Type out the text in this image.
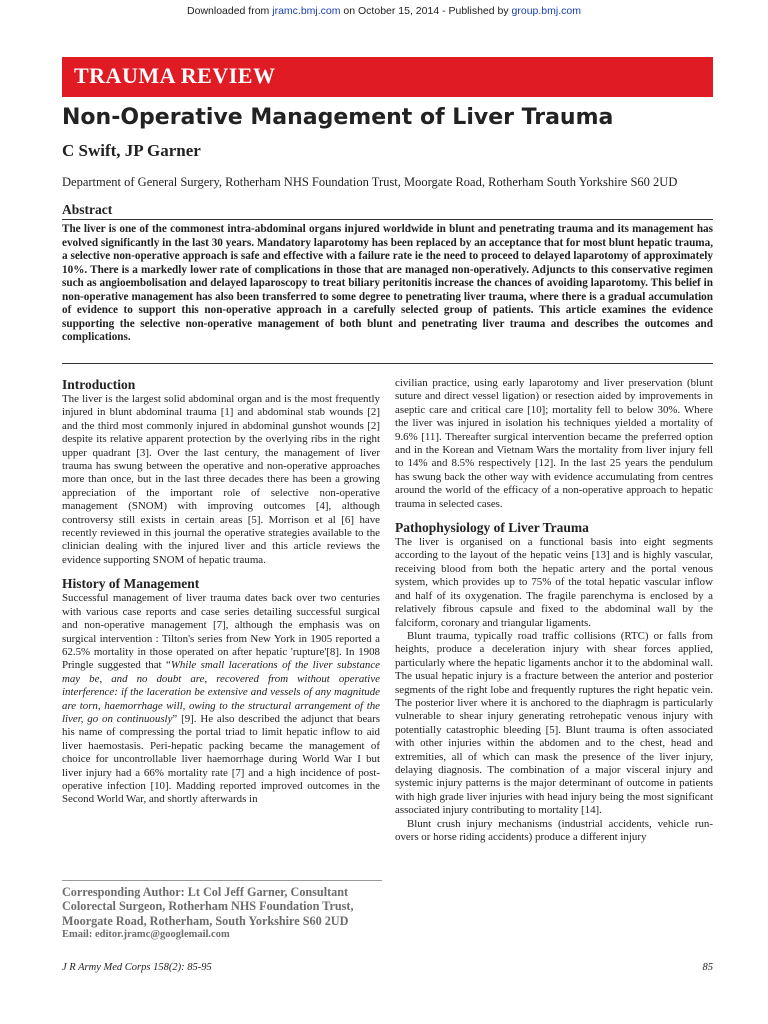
Downloaded from jramc.bmj.com on October 15, 2014 - Published by group.bmj.com
TRAUMA REVIEW
Non-Operative Management of Liver Trauma
C Swift, JP Garner
Department of General Surgery, Rotherham NHS Foundation Trust, Moorgate Road, Rotherham South Yorkshire S60 2UD
Abstract

The liver is one of the commonest intra-abdominal organs injured worldwide in blunt and penetrating trauma and its management has evolved significantly in the last 30 years. Mandatory laparotomy has been replaced by an acceptance that for most blunt hepatic trauma, a selective non-operative approach is safe and effective with a failure rate ie the need to proceed to delayed laparotomy of approximately 10%. There is a markedly lower rate of complications in those that are managed non-operatively. Adjuncts to this conservative regimen such as angioembolisation and delayed laparoscopy to treat biliary peritonitis increase the chances of avoiding laparotomy. This belief in non-operative management has also been transferred to some degree to penetrating liver trauma, where there is a gradual accumulation of evidence to support this non-operative approach in a carefully selected group of patients. This article examines the evidence supporting the selective non-operative management of both blunt and penetrating liver trauma and describes the outcomes and complications.

Introduction

The liver is the largest solid abdominal organ and is the most frequently injured in blunt abdominal trauma [1] and abdominal stab wounds [2] and the third most commonly injured in abdominal gunshot wounds [2] despite its relative apparent protection by the overlying ribs in the right upper quadrant [3]. Over the last century, the management of liver trauma has swung between the operative and non-operative approaches more than once, but in the last three decades there has been a growing appreciation of the important role of selective non-operative management (SNOM) with improving outcomes [4], although controversy still exists in certain areas [5]. Morrison et al [6] have recently reviewed in this journal the operative strategies available to the clinician dealing with the injured liver and this article reviews the evidence supporting SNOM of hepatic trauma.

History of Management

Successful management of liver trauma dates back over two centuries with various case reports and case series detailing successful surgical and non-operative management [7], although the emphasis was on surgical intervention : Tilton's series from New York in 1905 reported a 62.5% mortality in those operated on after hepatic 'rupture'[8]. In 1908 Pringle suggested that “While small lacerations of the liver substance may be, and no doubt are, recovered from without operative interference: if the laceration be extensive and vessels of any magnitude are torn, haemorrhage will, owing to the structural arrangement of the liver, go on continuously” [9]. He also described the adjunct that bears his name of compressing the portal triad to limit hepatic inflow to aid liver haemostasis. Peri-hepatic packing became the management of choice for uncontrollable liver haemorrhage during World War I but liver injury had a 66% mortality rate [7] and a high incidence of post-operative infection [10]. Madding reported improved outcomes in the Second World War, and shortly afterwards in

Corresponding Author: Lt Col Jeff Garner, Consultant Colorectal Surgeon, Rotherham NHS Foundation Trust, Moorgate Road, Rotherham, South Yorkshire S60 2UD
Email: editor.jramc@googlemail.com

civilian practice, using early laparotomy and liver preservation (blunt suture and direct vessel ligation) or resection aided by improvements in aseptic care and critical care [10]; mortality fell to below 30%. Where the liver was injured in isolation his techniques yielded a mortality of 9.6% [11]. Thereafter surgical intervention became the preferred option and in the Korean and Vietnam Wars the mortality from liver injury fell to 14% and 8.5% respectively [12]. In the last 25 years the pendulum has swung back the other way with evidence accumulating from centres around the world of the efficacy of a non-operative approach to hepatic trauma in selected cases.

Pathophysiology of Liver Trauma

The liver is organised on a functional basis into eight segments according to the layout of the hepatic veins [13] and is highly vascular, receiving blood from both the hepatic artery and the portal venous system, which provides up to 75% of the total hepatic vascular inflow and half of its oxygenation. The fragile parenchyma is enclosed by a relatively fibrous capsule and fixed to the abdominal wall by the falciform, coronary and triangular ligaments.

Blunt trauma, typically road traffic collisions (RTC) or falls from heights, produce a deceleration injury with shear forces applied, particularly where the hepatic ligaments anchor it to the abdominal wall. The usual hepatic injury is a fracture between the anterior and posterior segments of the right lobe and frequently ruptures the right hepatic vein. The posterior liver where it is anchored to the diaphragm is particularly vulnerable to shear injury generating retrohepatic venous injury with potentially catastrophic bleeding [5]. Blunt trauma is often associated with other injuries within the abdomen and to the chest, head and extremities, all of which can mask the presence of the liver injury, delaying diagnosis. The combination of a major visceral injury and systemic injury patterns is the major determinant of outcome in patients with high grade liver injuries with head injury being the most significant associated injury contributing to mortality [14].

Blunt crush injury mechanisms (industrial accidents, vehicle run-overs or horse riding accidents) produce a different injury

J R Army Med Corps 158(2): 85-95	85
